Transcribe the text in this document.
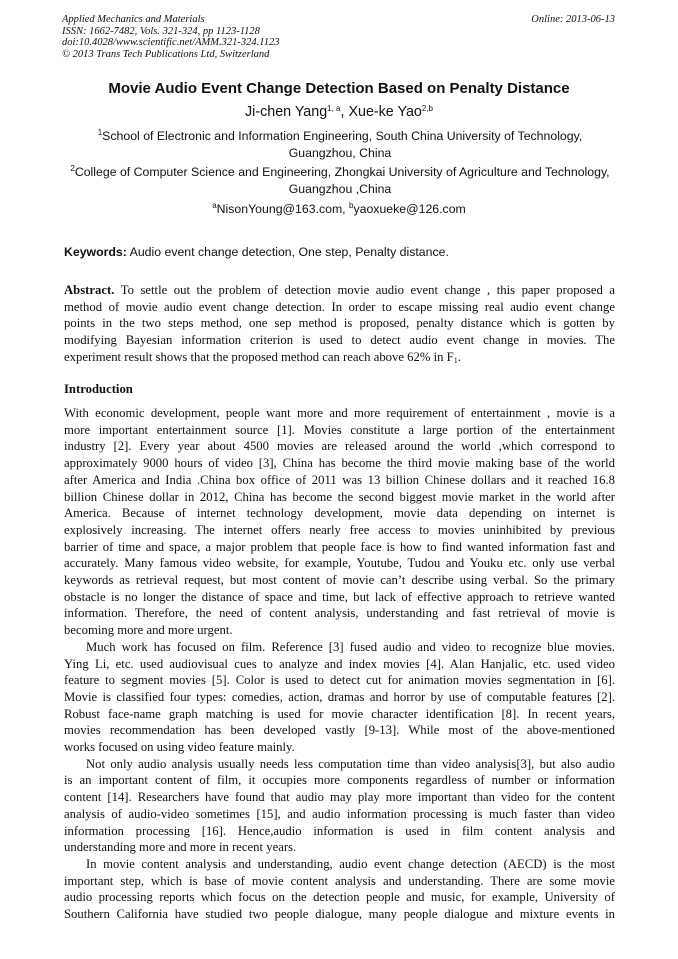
Applied Mechanics and Materials
ISSN: 1662-7482, Vols. 321-324, pp 1123-1128
doi:10.4028/www.scientific.net/AMM.321-324.1123
© 2013 Trans Tech Publications Ltd, Switzerland
Online: 2013-06-13
Movie Audio Event Change Detection Based on Penalty Distance
Ji-chen Yang$^{1, a}$, Xue-ke Yao$^{2,b}$
$^1$School of Electronic and Information Engineering, South China University of Technology,
Guangzhou, China
$^2$College of Computer Science and Engineering, Zhongkai University of Agriculture and Technology,
Guangzhou ,China
$^a$NisonYoung@163.com, $^b$yaoxueke@126.com
Keywords: Audio event change detection, One step, Penalty distance.
Abstract. To settle out the problem of detection movie audio event change , this paper proposed a
method of movie audio event change detection. In order to escape missing real audio event change
points in the two steps method, one sep method is proposed, penalty distance which is gotten by
modifying Bayesian information criterion is used to detect audio event change in movies. The
experiment result shows that the proposed method can reach above 62% in $F_1$.
Introduction
With economic development, people want more and more requirement of entertainment , movie is a
more important entertainment source [1]. Movies constitute a large portion of the entertainment
industry [2]. Every year about 4500 movies are released around the world ,which correspond to
approximately 9000 hours of video [3], China has become the third movie making base of the world
after America and India .China box office of 2011 was 13 billion Chinese dollars and it reached 16.8
billion Chinese dollar in 2012, China has become the second biggest movie market in the world after
America. Because of internet technology development, movie data depending on internet is
explosively increasing. The internet offers nearly free access to movies uninhibited by previous
barrier of time and space, a major problem that people face is how to find wanted information fast and
accurately. Many famous video website, for example, Youtube, Tudou and Youku etc. only use verbal
keywords as retrieval request, but most content of movie can’t describe using verbal. So the primary
obstacle is no longer the distance of space and time, but lack of effective approach to retrieve wanted
information. Therefore, the need of content analysis, understanding and fast retrieval of movie is
becoming more and more urgent.
Much work has focused on film. Reference [3] fused audio and video to recognize blue movies.
Ying Li, etc. used audiovisual cues to analyze and index movies [4]. Alan Hanjalic, etc. used video
feature to segment movies [5]. Color is used to detect cut for animation movies segmentation in [6].
Movie is classified four types: comedies, action, dramas and horror by use of computable features [2].
Robust face-name graph matching is used for movie character identification [8]. In recent years,
movies recommendation has been developed vastly [9-13]. While most of the above-mentioned
works focused on using video feature mainly.
Not only audio analysis usually needs less computation time than video analysis[3], but also audio
is an important content of film, it occupies more components regardless of number or information
content [14]. Researchers have found that audio may play more important than video for the content
analysis of audio-video sometimes [15], and audio information processing is much faster than video
information processing [16]. Hence,audio information is used in film content analysis and
understanding more and more in recent years.
In movie content analysis and understanding, audio event change detection (AECD) is the most
important step, which is base of movie content analysis and understanding. There are some movie
audio processing reports which focus on the detection people and music, for example, University of
Southern California have studied two people dialogue, many people dialogue and mixture events in
